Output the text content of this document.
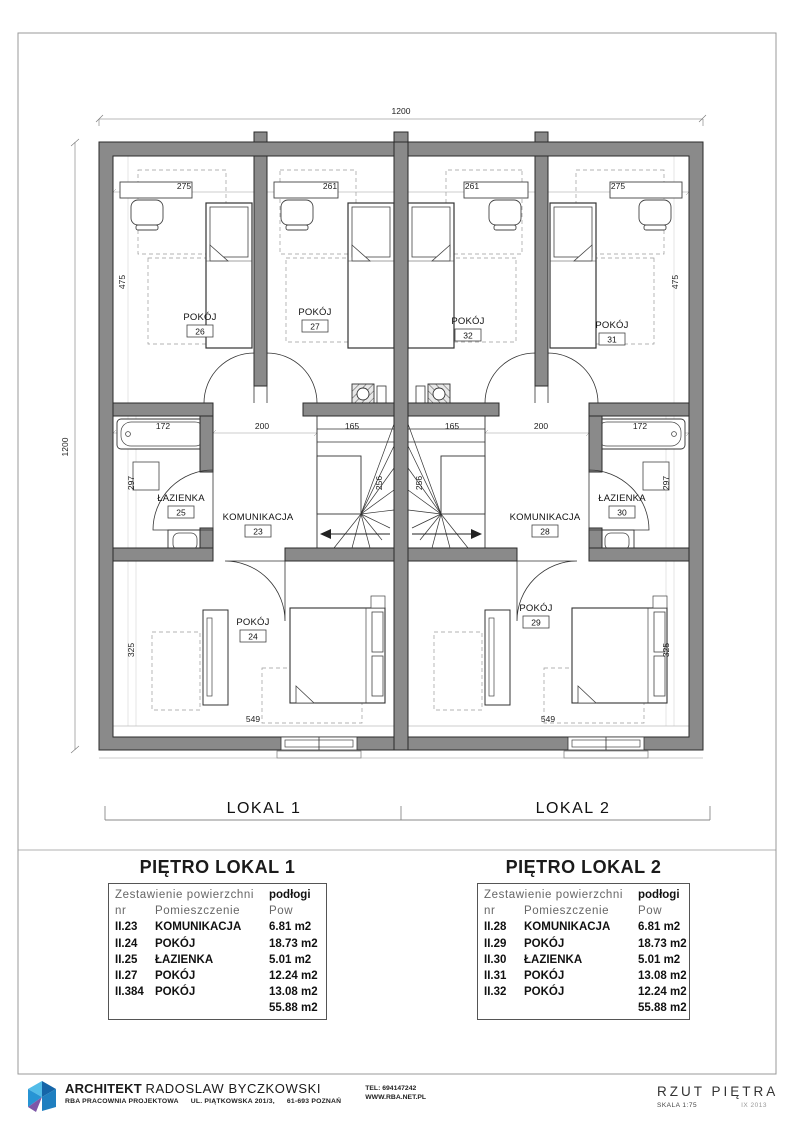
1200
1200
275	261	261	275
475	475
172	200	165	165	200	172
297	297
256	256
325	325
549	549
POKÓJ
26
POKÓJ
27	POKÓJ
32
POKÓJ
31
ŁAZIENKA
25	KOMUNIKACJA
23
KOMUNIKACJA
28
ŁAZIENKA
30
POKÓJ
24
POKÓJ
29
LOKAL 1	LOKAL 2
PIĘTRO LOKAL 1
Zestawienie powierzchni	podłogi
nr	Pomieszczenie	Pow
II.23	KOMUNIKACJA	6.81 m2
II.24	POKÓJ	18.73 m2
II.25	ŁAZIENKA	5.01 m2
II.27	POKÓJ	12.24 m2
II.384 POKÓJ	13.08 m2
55.88 m2
PIĘTRO LOKAL 2
Zestawienie powierzchni	podłogi
nr	Pomieszczenie	Pow
II.28	KOMUNIKACJA	6.81 m2
II.29	POKÓJ	18.73 m2
II.30	ŁAZIENKA	5.01 m2
II.31	POKÓJ	13.08 m2
II.32	POKÓJ	12.24 m2
55.88 m2
ARCHITEKT RADOSLAW BYCZKOWSKI
RBA PRACOWNIA PROJEKTOWA UL. PIĄTKOWSKA 201/3, 61-693 POZNAŃ
TEL: 694147242
WWW.RBA.NET.PL	RZUT PIĘTRA
SKALA 1:75	IX 2013
